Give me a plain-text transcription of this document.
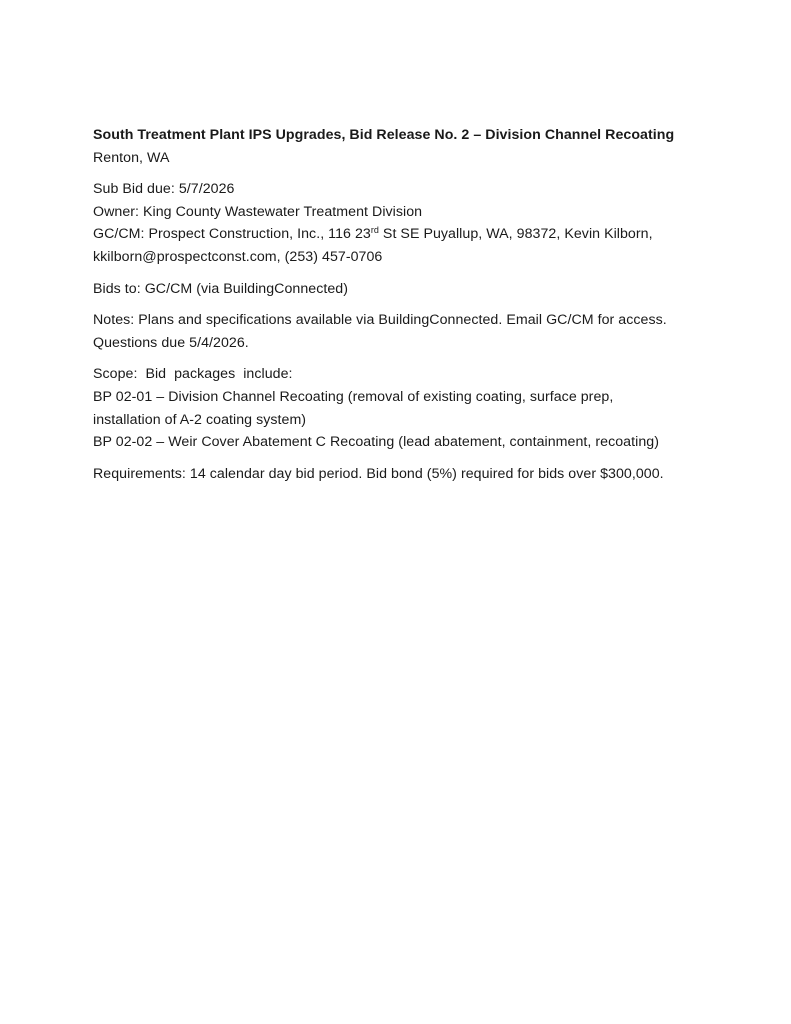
South Treatment Plant IPS Upgrades, Bid Release No. 2 – Division Channel Recoating

Renton, WA

Sub Bid due: 5/7/2026

Owner: King County Wastewater Treatment Division

GC/CM: Prospect Construction, Inc., 116 23rd St SE Puyallup, WA, 98372, Kevin Kilborn,

kkilborn@prospectconst.com, (253) 457-0706

Bids to: GC/CM (via BuildingConnected)

Notes: Plans and specifications available via BuildingConnected. Email GC/CM for access.

Questions due 5/4/2026.

Scope:  Bid  packages  include:

BP 02-01 – Division Channel Recoating (removal of existing coating, surface prep,

installation of A-2 coating system)

BP 02-02 – Weir Cover Abatement C Recoating (lead abatement, containment, recoating)

Requirements: 14 calendar day bid period. Bid bond (5%) required for bids over $300,000.
